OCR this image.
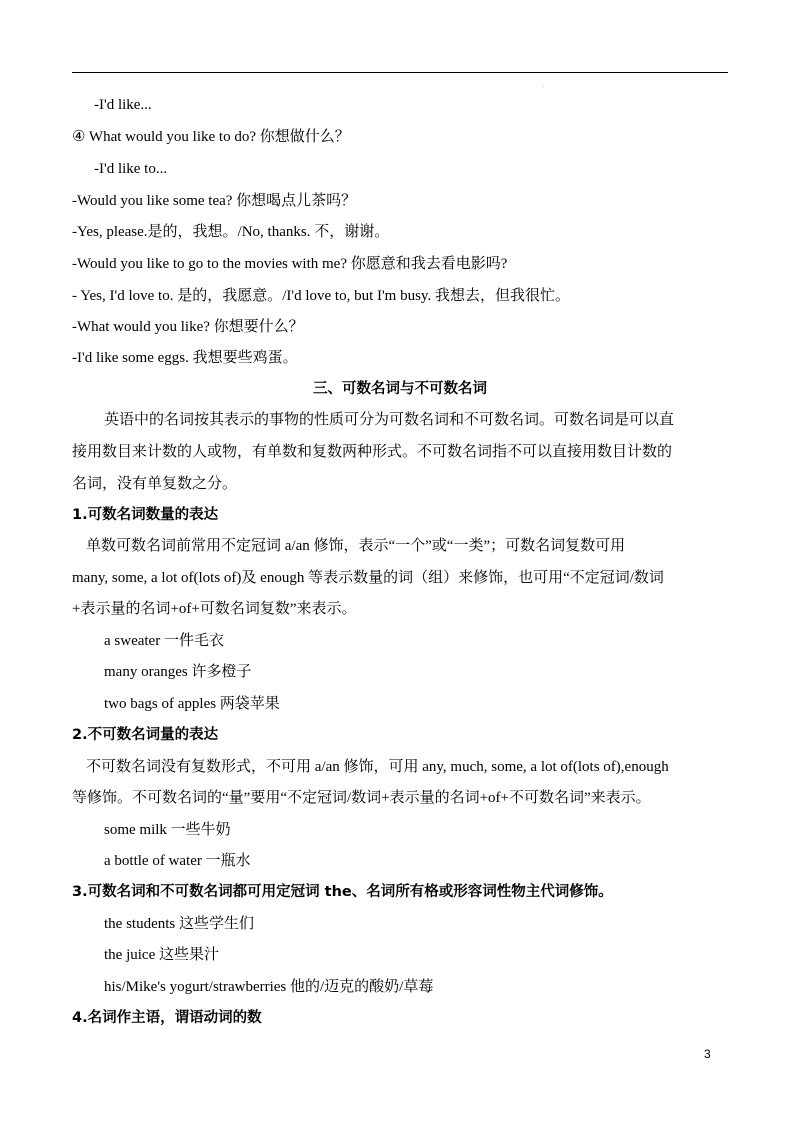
·
-I'd like...
④ What would you like to do? 你想做什么？
-I'd like to...
-Would you like some tea? 你想喝点儿茶吗？
-Yes, please.是的，我想。/No, thanks. 不，谢谢。
-Would you like to go to the movies with me? 你愿意和我去看电影吗?
- Yes, I'd love to. 是的，我愿意。/I'd love to, but I'm busy. 我想去，但我很忙。
-What would you like? 你想要什么？
-I'd like some eggs. 我想要些鸡蛋。
三、可数名词与不可数名词
英语中的名词按其表示的事物的性质可分为可数名词和不可数名词。可数名词是可以直
接用数目来计数的人或物，有单数和复数两种形式。不可数名词指不可以直接用数目计数的
名词，没有单复数之分。
1.可数名词数量的表达
单数可数名词前常用不定冠词 a/an 修饰，表示“一个”或“一类”；可数名词复数可用
many, some, a lot of(lots of)及 enough 等表示数量的词（组）来修饰，也可用“不定冠词/数词
+表示量的名词+of+可数名词复数”来表示。
a sweater 一件毛衣
many oranges 许多橙子
two bags of apples 两袋苹果
2.不可数名词量的表达
不可数名词没有复数形式，不可用 a/an 修饰，可用 any, much, some, a lot of(lots of),enough
等修饰。不可数名词的“量”要用“不定冠词/数词+表示量的名词+of+不可数名词”来表示。
some milk 一些牛奶
a bottle of water 一瓶水
3.可数名词和不可数名词都可用定冠词 the、名词所有格或形容词性物主代词修饰。
the students 这些学生们
the juice 这些果汁
his/Mike's yogurt/strawberries 他的/迈克的酸奶/草莓
4.名词作主语，谓语动词的数
3
